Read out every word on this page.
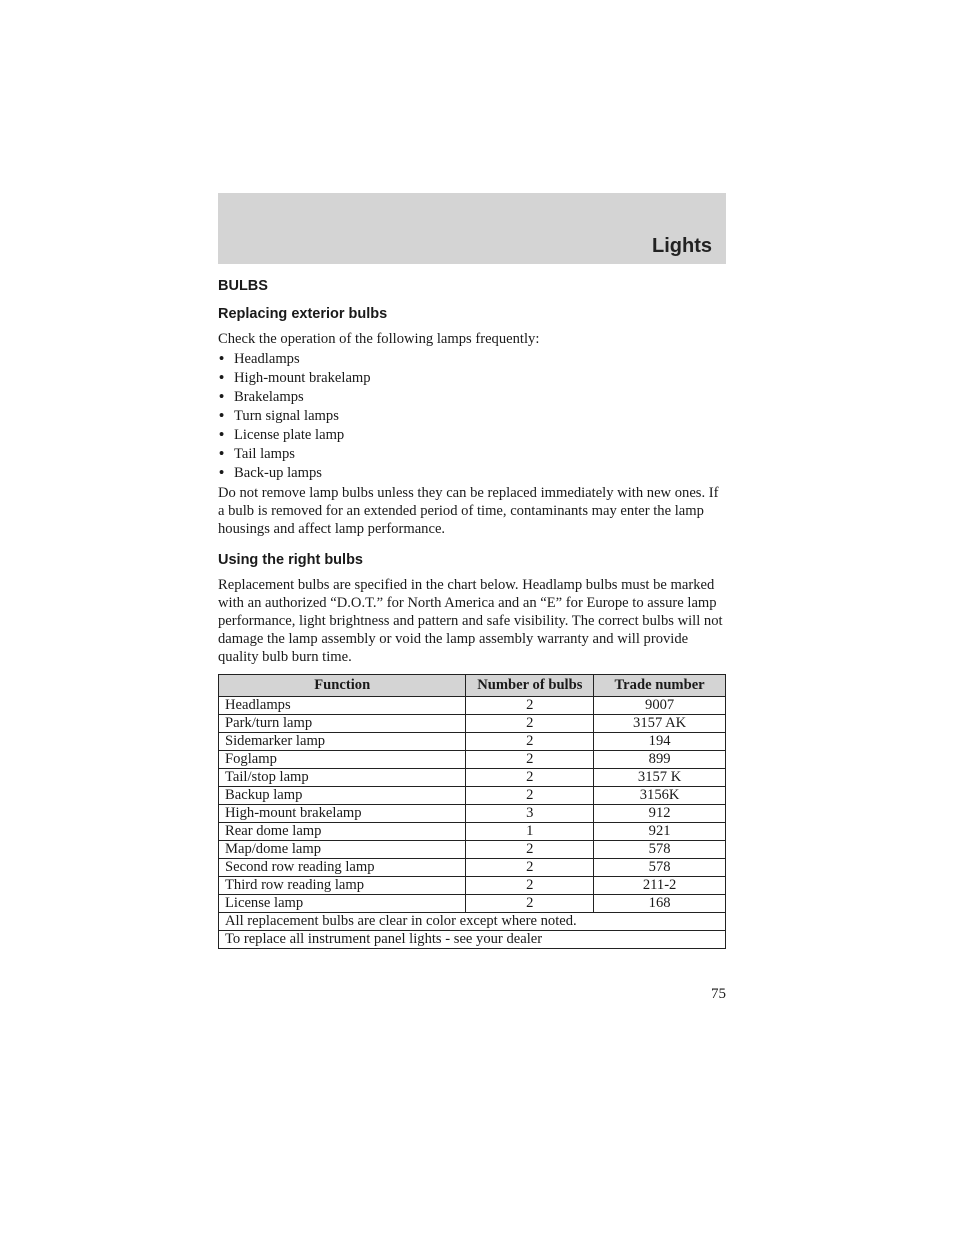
Lights
BULBS
Replacing exterior bulbs

Check the operation of the following lamps frequently:

• Headlamps
• High-mount brakelamp
• Brakelamps
• Turn signal lamps
• License plate lamp
• Tail lamps
• Back-up lamps

Do not remove lamp bulbs unless they can be replaced immediately with new ones. If a bulb is removed for an extended period of time, contaminants may enter the lamp housings and affect lamp performance.

Using the right bulbs

Replacement bulbs are specified in the chart below. Headlamp bulbs must be marked with an authorized “D.O.T.” for North America and an “E” for Europe to assure lamp performance, light brightness and pattern and safe visibility. The correct bulbs will not damage the lamp assembly or void the lamp assembly warranty and will provide quality bulb burn time.

Function	Number of bulbs	Trade number
Headlamps	2	9007
Park/turn lamp	2	3157 AK
Sidemarker lamp	2	194
Foglamp	2	899
Tail/stop lamp	2	3157 K
Backup lamp	2	3156K
High-mount brakelamp	3	912
Rear dome lamp	1	921
Map/dome lamp	2	578
Second row reading lamp	2	578
Third row reading lamp	2	211-2
License lamp	2	168
All replacement bulbs are clear in color except where noted.		
To replace all instrument panel lights - see your dealer		
75
